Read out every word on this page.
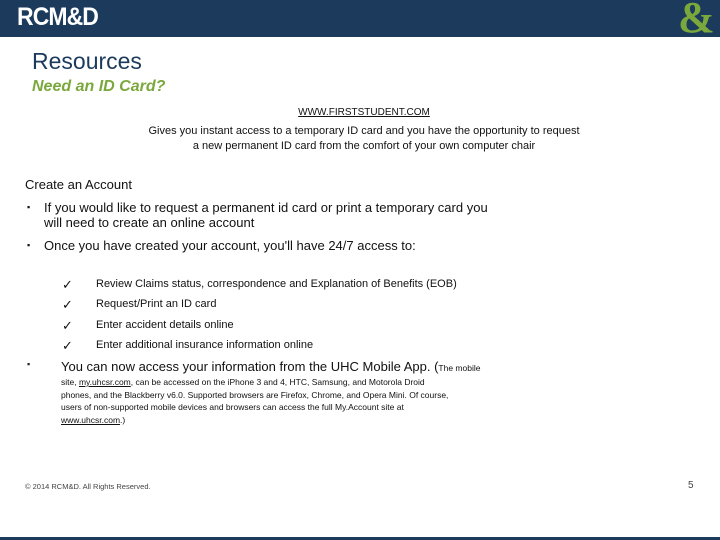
RCM&D	&
Resources
Need an ID Card?
WWW.FIRSTSTUDENT.COM
Gives you instant access to a temporary ID card and you have the opportunity to request
a new permanent ID card from the comfort of your own computer chair
Create an Account
▪ If you would like to request a permanent id card or print a temporary card you
will need to create an online account
▪ Once you have created your account, you'll have 24/7 access to:
✓ Review Claims status, correspondence and Explanation of Benefits (EOB)
✓ Request/Print an ID card
✓ Enter accident details online
✓ Enter additional insurance information online
▪ You can now access your information from the UHC Mobile App. (The mobile
site, my.uhcsr.com, can be accessed on the iPhone 3 and 4, HTC, Samsung, and Motorola Droid
phones, and the Blackberry v6.0. Supported browsers are Firefox, Chrome, and Opera Mini. Of course,
users of non-supported mobile devices and browsers can access the full My.Account site at
www.uhcsr.com.)
© 2014 RCM&D. All Rights Reserved.	5
